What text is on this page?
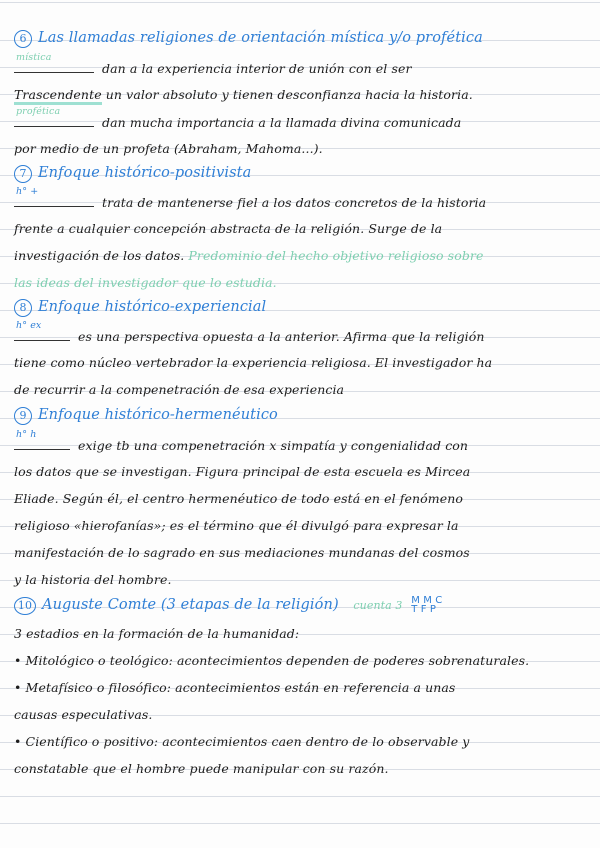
6 Las llamadas religiones de orientación mística y/o profética
mística
dan a la experiencia interior de unión con el ser
Trascendente un valor absoluto y tienen desconfianza hacia la historia.
profética
dan mucha importancia a la llamada divina comunicada
por medio de un profeta (Abraham, Mahoma...).
7 Enfoque histórico-positivista
h° +
trata de mantenerse fiel a los datos concretos de la historia
frente a cualquier concepción abstracta de la religión. Surge de la
investigación de los datos. Predominio del hecho objetivo religioso sobre
las ideas del investigador que lo estudia.
8 Enfoque histórico-experiencial
h° ex
es una perspectiva opuesta a la anterior. Afirma que la religión
tiene como núcleo vertebrador la experiencia religiosa. El investigador ha
de recurrir a la compenetración de esa experiencia
9 Enfoque histórico-hermenéutico
h° h
exige tb una compenetración x simpatía y congenialidad con
los datos que se investigan. Figura principal de esta escuela es Mircea
Eliade. Según él, el centro hermenéutico de todo está en el fenómeno
religioso «hierofanías»; es el término que él divulgó para expresar la
manifestación de lo sagrado en sus mediaciones mundanas del cosmos
y la historia del hombre.
10 Auguste Comte (3 etapas de la religión) cuenta 3 M M C
T F P
3 estadios en la formación de la humanidad:
• Mitológico o teológico: acontecimientos dependen de poderes sobrenaturales.
• Metafísico o filosófico: acontecimientos están en referencia a unas
causas especulativas.
• Científico o positivo: acontecimientos caen dentro de lo observable y
constatable que el hombre puede manipular con su razón.
